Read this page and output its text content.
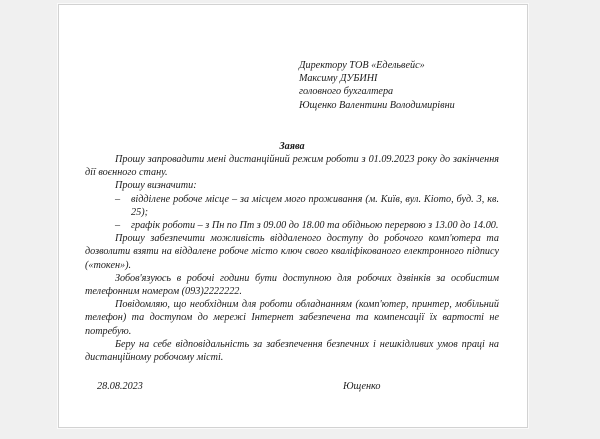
Директору ТОВ «Едельвейс»
Максиму ДУБИНІ
головного бухгалтера
Ющенко Валентини Володимирівни
Заява

Прошу запровадити мені дистанційний режим роботи з 01.09.2023 року до закінчення дії воєнного стану.

Прошу визначити:

– відділене робоче місце – за місцем мого проживання (м. Київ, вул. Кіото, буд. 3, кв. 25);
– графік роботи – з Пн по Пт з 09.00 до 18.00 та обідньою перервою з 13.00 до 14.00.

Прошу забезпечити можливість віддаленого доступу до робочого комп'ютера та дозволити взяти на віддалене робоче місто ключ свого кваліфікованого електронного підпису («токен»).

Зобов'язуюсь в робочі години бути доступною для робочих дзвінків за особистим телефонним номером (093)2222222.

Повідомляю, що необхідним для роботи обладнанням (комп'ютер, принтер, мобільний телефон) та доступом до мережі Інтернет забезпечена та компенсації їх вартості не потребую.

Беру на себе відповідальність за забезпечення безпечних і нешкідливих умов праці на дистанційному робочому місті.

28.08.2023	Ющенко
